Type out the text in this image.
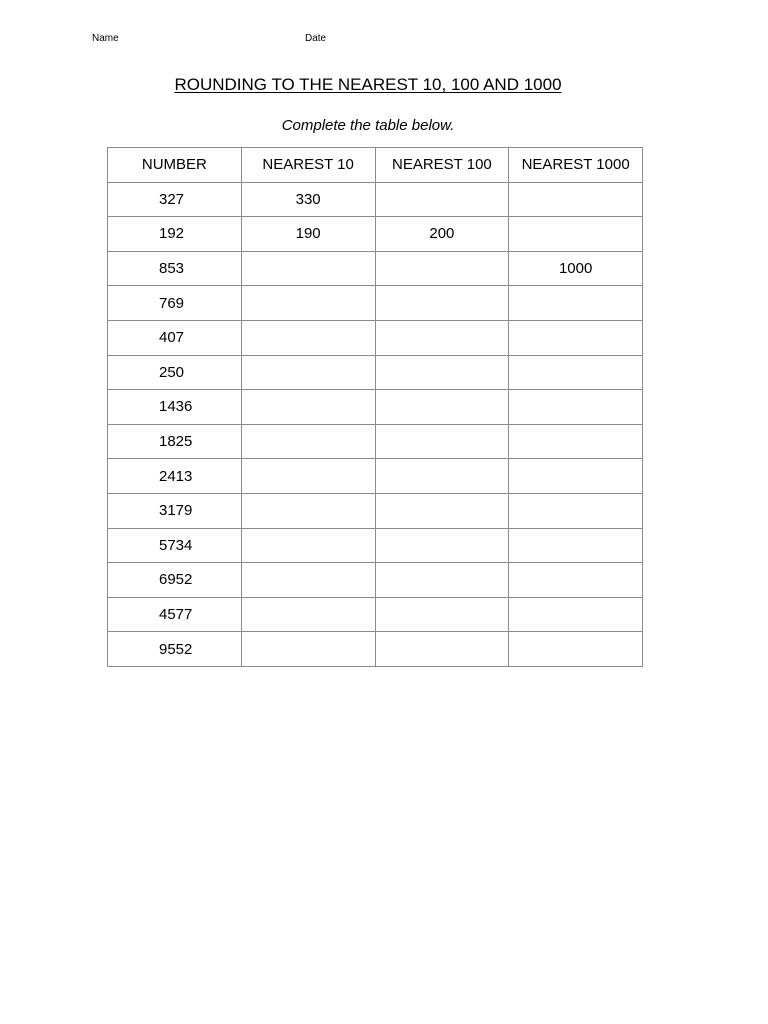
Name	Date
ROUNDING TO THE NEAREST 10, 100 AND 1000
Complete the table below.
NUMBER	NEAREST 10	NEAREST 100	NEAREST 1000
327	330		
192	190	200	
853			1000
769			
407			
250			
1436			
1825			
2413			
3179			
5734			
6952			
4577			
9552			
